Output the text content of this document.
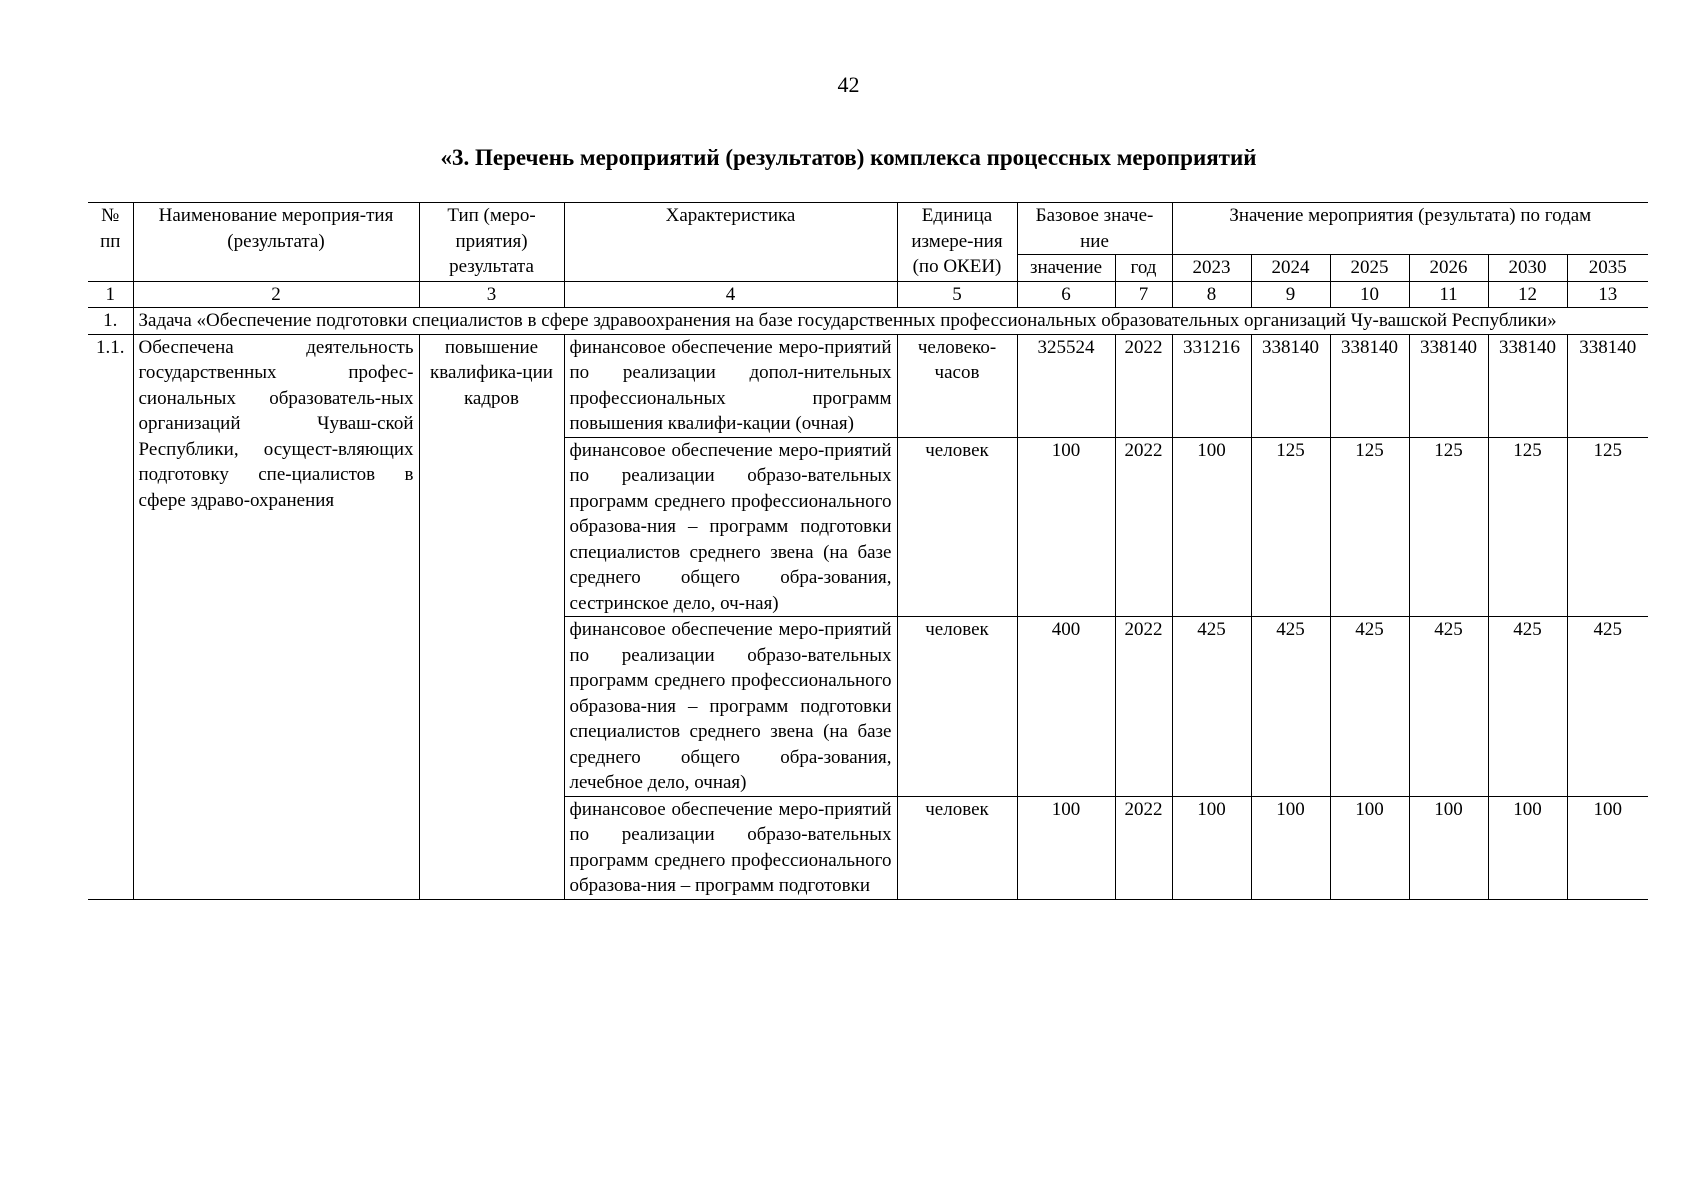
42
«3. Перечень мероприятий (результатов) комплекса процессных мероприятий
№ пп	Наименование мероприя-тия (результата)	Тип (меро-приятия) результата	Характеристика	Единица измере-ния (по ОКЕИ)	Базовое значе-ние		Значение мероприятия (результата) по годам					
					значение	год	2023	2024	2025	2026	2030	2035
1	2	3	4	5	6	7	8	9	10	11	12	13
1.	Задача «Обеспечение подготовки специалистов в сфере здравоохранения на базе государственных профессиональных образовательных организаций Чу-вашской Республики»											
1.1.	Обеспечена деятельность государственных профес-сиональных образователь-ных организаций Чуваш-ской Республики, осущест-вляющих подготовку спе-циалистов в сфере здраво-охранения	повышение квалифика-ции кадров	финансовое обеспечение меро-приятий по реализации допол-нительных профессиональных программ повышения квалифи-кации (очная)	человеко-часов	325524	2022	331216	338140	338140	338140	338140	338140
			финансовое обеспечение меро-приятий по реализации образо-вательных программ среднего профессионального образова-ния – программ подготовки специалистов среднего звена (на базе среднего общего обра-зования, сестринское дело, оч-ная)	человек	100	2022	100	125	125	125	125	125
			финансовое обеспечение меро-приятий по реализации образо-вательных программ среднего профессионального образова-ния – программ подготовки специалистов среднего звена (на базе среднего общего обра-зования, лечебное дело, очная)	человек	400	2022	425	425	425	425	425	425
			финансовое обеспечение меро-приятий по реализации образо-вательных программ среднего профессионального образова-ния – программ подготовки	человек	100	2022	100	100	100	100	100	100
